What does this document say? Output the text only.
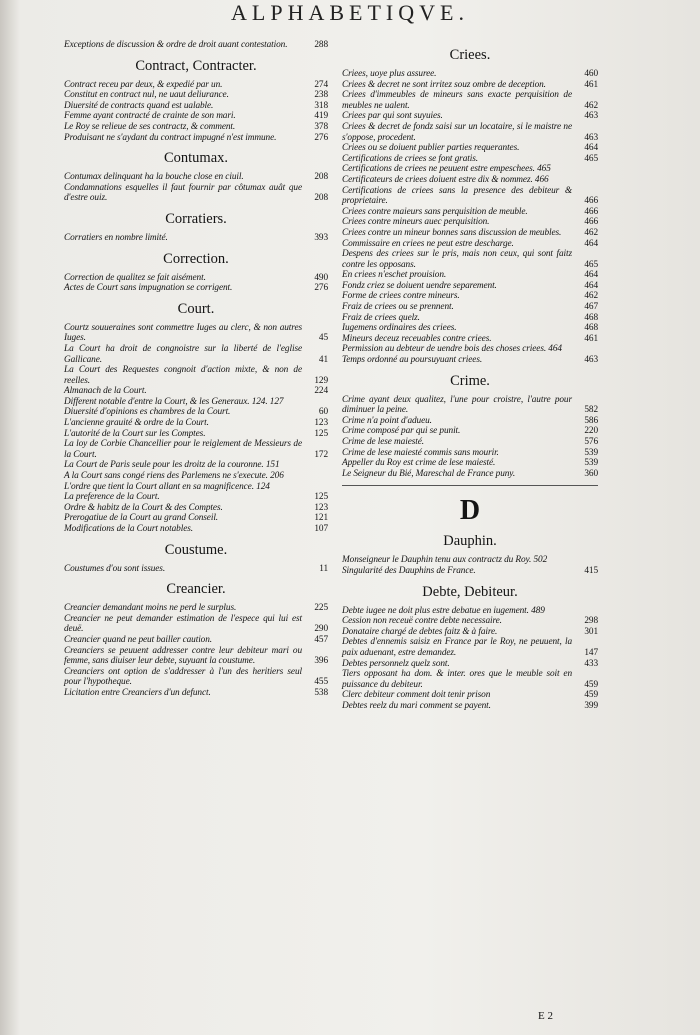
ALPHABETIQVE.
Exceptions de discussion & ordre de droit auant contestation.	288
Contract, Contracter.
Contract receu par deux, & expedié par un.	274
Constitut en contract nul, ne uaut deliurance.	238
Diuersité de contracts quand est ualable.	318
Femme ayant contracté de crainte de son mari.	419
Le Roy se relieue de ses contractz, & comment.	378
Produisant ne s'aydant du contract impugné n'est immune.	276
Contumax.
Contumax delinquant ha la bouche close en ciuil.	208
Condamnations esquelles il faut fournir par côtumax auât que d'estre ouiz.	208
Corratiers.
Corratiers en nombre limité.	393
Correction.
Correction de qualitez se fait aisément.	490
Actes de Court sans impugnation se corrigent.	276
Court.
Courtz souueraines sont commettre Iuges au clerc, & non autres Iuges.	45
La Court ha droit de congnoistre sur la liberté de l'eglise Gallicane.	41
La Court des Requestes congnoit d'action mixte, & non de reelles.	129
Almanach de la Court.	224
Different notable d'entre la Court, & les Generaux. 124. 127
Diuersité d'opinions es chambres de la Court.	60
L'ancienne grauité & ordre de la Court.	123
L'autorité de la Court sur les Comptes.	125
La loy de Corbie Chancellier pour le reiglement de Messieurs de la Court.	172
La Court de Paris seule pour les droitz de la couronne. 151
A la Court sans congé riens des Parlemens ne s'execute. 206
L'ordre que tient la Court allant en sa magnificence. 124
La preference de la Court.	125
Ordre & habitz de la Court & des Comptes.	123
Prerogatiue de la Court au grand Conseil.	121
Modifications de la Court notables.	107
Coustume.
Coustumes d'ou sont issues.	11
Creancier.
Creancier demandant moins ne perd le surplus.	225
Creancier ne peut demander estimation de l'espece qui lui est deuë.	290
Creancier quand ne peut bailler caution.	457
Creanciers se peuuent addresser contre leur debiteur mari ou femme, sans diuiser leur debte, suyuant la coustume.	396
Creanciers ont option de s'addresser à l'un des heritiers seul pour l'hypotheque.	455
Licitation entre Creanciers d'un defunct.	538
Criees.
Criees, uoye plus assuree.	460
Criees & decret ne sont irritez souz ombre de deception.	461
Criees d'immeubles de mineurs sans exacte perquisition de meubles ne ualent.	462
Criees par qui sont suyuies.	463
Criees & decret de fondz saisi sur un locataire, si le maistre ne s'oppose, procedent.	463
Criees ou se doiuent publier parties requerantes.	464
Certifications de criees se font gratis.	465
Certifications de criees ne peuuent estre empeschees. 465
Certificateurs de criees doiuent estre dix & nommez. 466
Certifications de criees sans la presence des debiteur & proprietaire.	466
Criees contre maieurs sans perquisition de meuble.	466
Criees contre mineurs auec perquisition.	466
Criees contre un mineur bonnes sans discussion de meubles.	462
Commissaire en criees ne peut estre descharge.	464
Despens des criees sur le pris, mais non ceux, qui sont faitz contre les opposans.	465
En criees n'eschet prouision.	464
Fondz criez se doiuent uendre separement.	464
Forme de criees contre mineurs.	462
Fraiz de criees ou se prennent.	467
Fraiz de criees quelz.	468
Iugemens ordinaires des criees.	468
Mineurs deceuz receuables contre criees.	461
Permission au debteur de uendre bois des choses criees. 464
Temps ordonné au poursuyuant criees.	463
Crime.
Crime ayant deux qualitez, l'une pour croistre, l'autre pour diminuer la peine.	582
Crime n'a point d'adueu.	586
Crime composé par qui se punit.	220
Crime de lese maiesté.	576
Crime de lese maiesté commis sans mourir.	539
Appeller du Roy est crime de lese maiesté.	539
Le Seigneur du Bié, Mareschal de France puny.	360
D
Dauphin.
Monseigneur le Dauphin tenu aux contractz du Roy. 502
Singularité des Dauphins de France.	415
Debte, Debiteur.
Debte iugee ne doit plus estre debatue en iugement. 489
Cession non receuë contre debte necessaire.	298
Donataire chargé de debtes faitz & à faire.	301
Debtes d'ennemis saisiz en France par le Roy, ne peuuent, la paix aduenant, estre demandez.	147
Debtes personnelz quelz sont.	433
Tiers opposant ha dom. & inter. ores que le meuble soit en puissance du debiteur.	459
Clerc debiteur comment doit tenir prison	459
Debtes reelz du mari comment se payent.	399
E 2
